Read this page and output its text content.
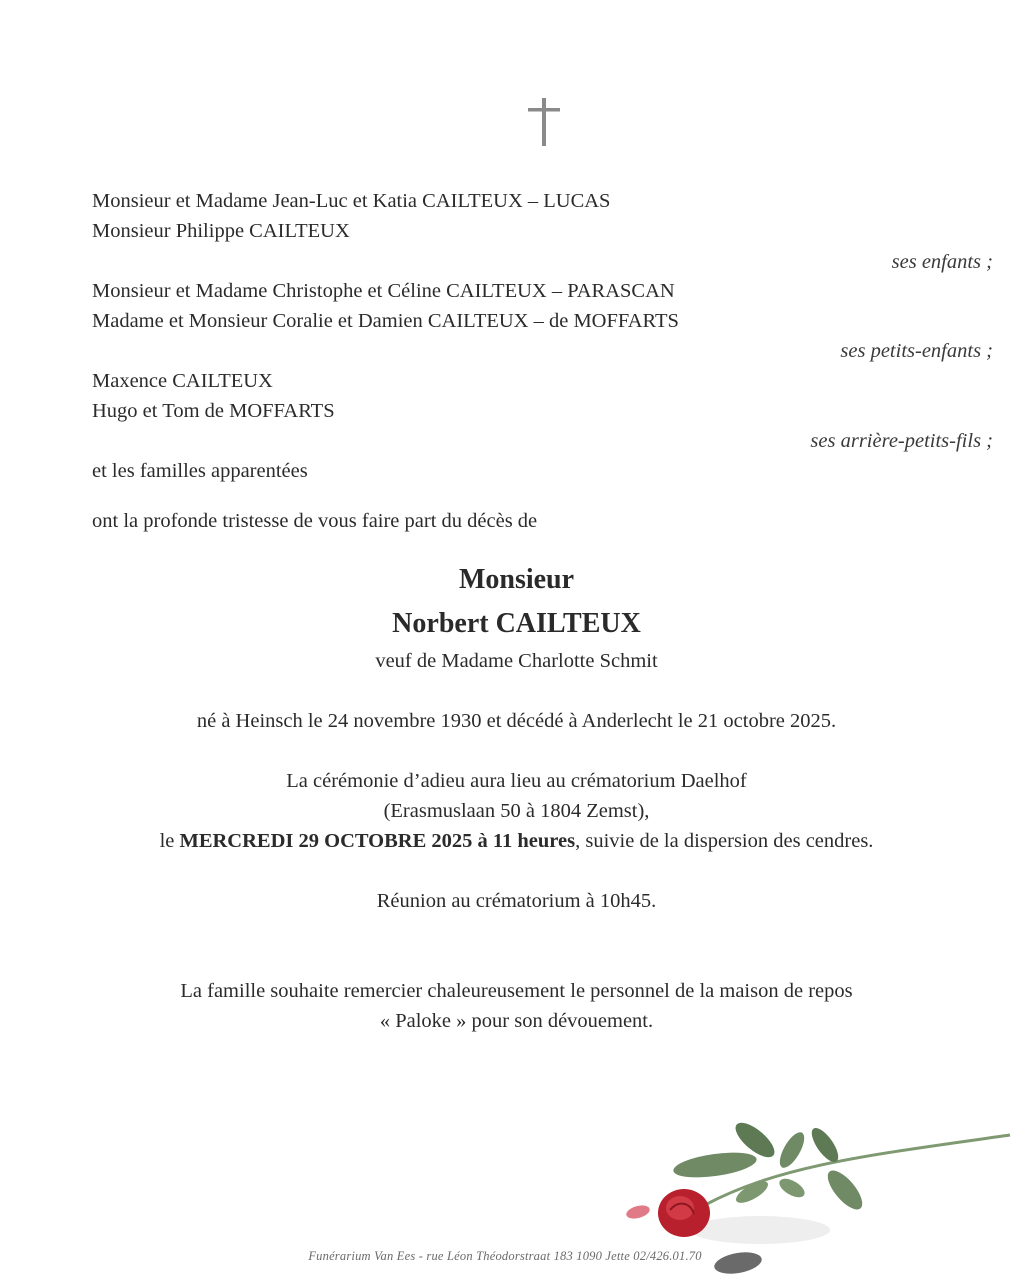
Monsieur et Madame Jean-Luc et Katia CAILTEUX – LUCAS
Monsieur Philippe CAILTEUX
ses enfants ;
Monsieur et Madame Christophe et Céline CAILTEUX – PARASCAN
Madame et Monsieur Coralie et Damien CAILTEUX – de MOFFARTS
ses petits-enfants ;
Maxence CAILTEUX
Hugo et Tom de MOFFARTS
ses arrière-petits-fils ;
et les familles apparentées
ont la profonde tristesse de vous faire part du décès de
Monsieur
Norbert CAILTEUX
veuf de Madame Charlotte Schmit
né à Heinsch le 24 novembre 1930 et décédé à Anderlecht le 21 octobre 2025.
La cérémonie d’adieu aura lieu au crématorium Daelhof
(Erasmuslaan 50 à 1804 Zemst),
le MERCREDI 29 OCTOBRE 2025 à 11 heures, suivie de la dispersion des cendres.
Réunion au crématorium à 10h45.
La famille souhaite remercier chaleureusement le personnel de la maison de repos
« Paloke » pour son dévouement.
Funérarium Van Ees - rue Léon Théodorstraat 183 1090 Jette 02/426.01.70
